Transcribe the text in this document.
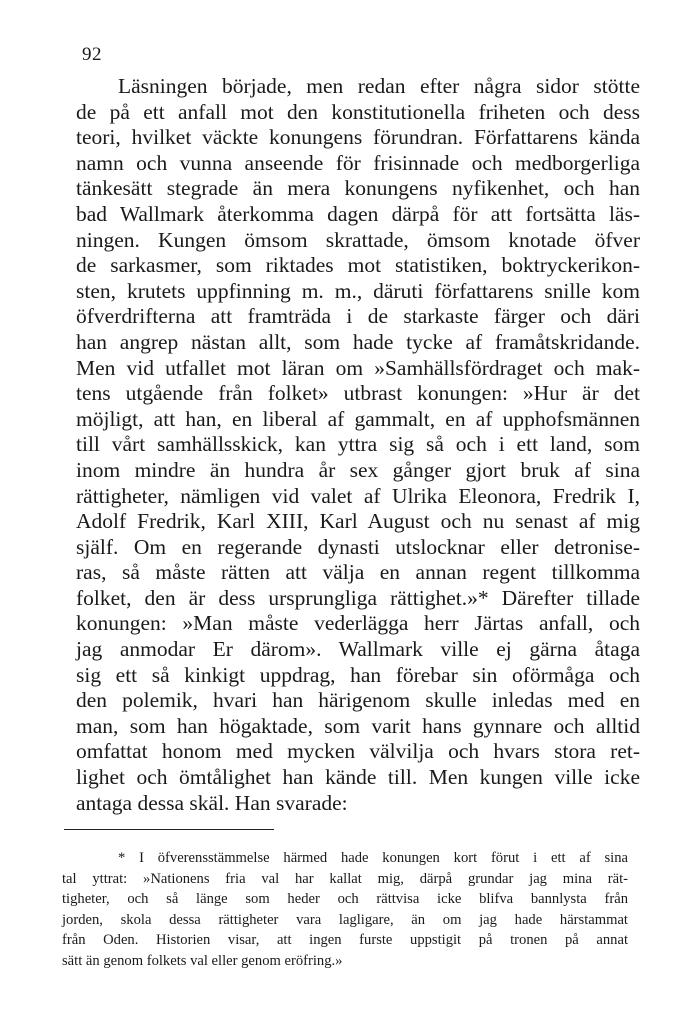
92
Läsningen började, men redan efter några sidor stötte
de på ett anfall mot den konstitutionella friheten och dess
teori, hvilket väckte konungens förundran. Författarens kända
namn och vunna anseende för frisinnade och medborgerliga
tänkesätt stegrade än mera konungens nyfikenhet, och han
bad Wallmark återkomma dagen därpå för att fortsätta läs-
ningen. Kungen ömsom skrattade, ömsom knotade öfver
de sarkasmer, som riktades mot statistiken, boktryckerikon-
sten, krutets uppfinning m. m., däruti författarens snille kom
öfverdrifterna att framträda i de starkaste färger och däri
han angrep nästan allt, som hade tycke af framåtskridande.
Men vid utfallet mot läran om »Samhällsfördraget och mak-
tens utgående från folket» utbrast konungen: »Hur är det
möjligt, att han, en liberal af gammalt, en af upphofsmännen
till vårt samhällsskick, kan yttra sig så och i ett land, som
inom mindre än hundra år sex gånger gjort bruk af sina
rättigheter, nämligen vid valet af Ulrika Eleonora, Fredrik I,
Adolf Fredrik, Karl XIII, Karl August och nu senast af mig
själf. Om en regerande dynasti utslocknar eller detronise-
ras, så måste rätten att välja en annan regent tillkomma
folket, den är dess ursprungliga rättighet.»* Därefter tillade
konungen: »Man måste vederlägga herr Järtas anfall, och
jag anmodar Er därom». Wallmark ville ej gärna åtaga
sig ett så kinkigt uppdrag, han förebar sin oförmåga och
den polemik, hvari han härigenom skulle inledas med en
man, som han högaktade, som varit hans gynnare och alltid
omfattat honom med mycken välvilja och hvars stora ret-
lighet och ömtålighet han kände till. Men kungen ville icke
antaga dessa skäl. Han svarade:
* I öfverensstämmelse härmed hade konungen kort förut i ett af sina
tal yttrat: »Nationens fria val har kallat mig, därpå grundar jag mina rät-
tigheter, och så länge som heder och rättvisa icke blifva bannlysta från
jorden, skola dessa rättigheter vara lagligare, än om jag hade härstammat
från Oden. Historien visar, att ingen furste uppstigit på tronen på annat
sätt än genom folkets val eller genom eröfring.»
